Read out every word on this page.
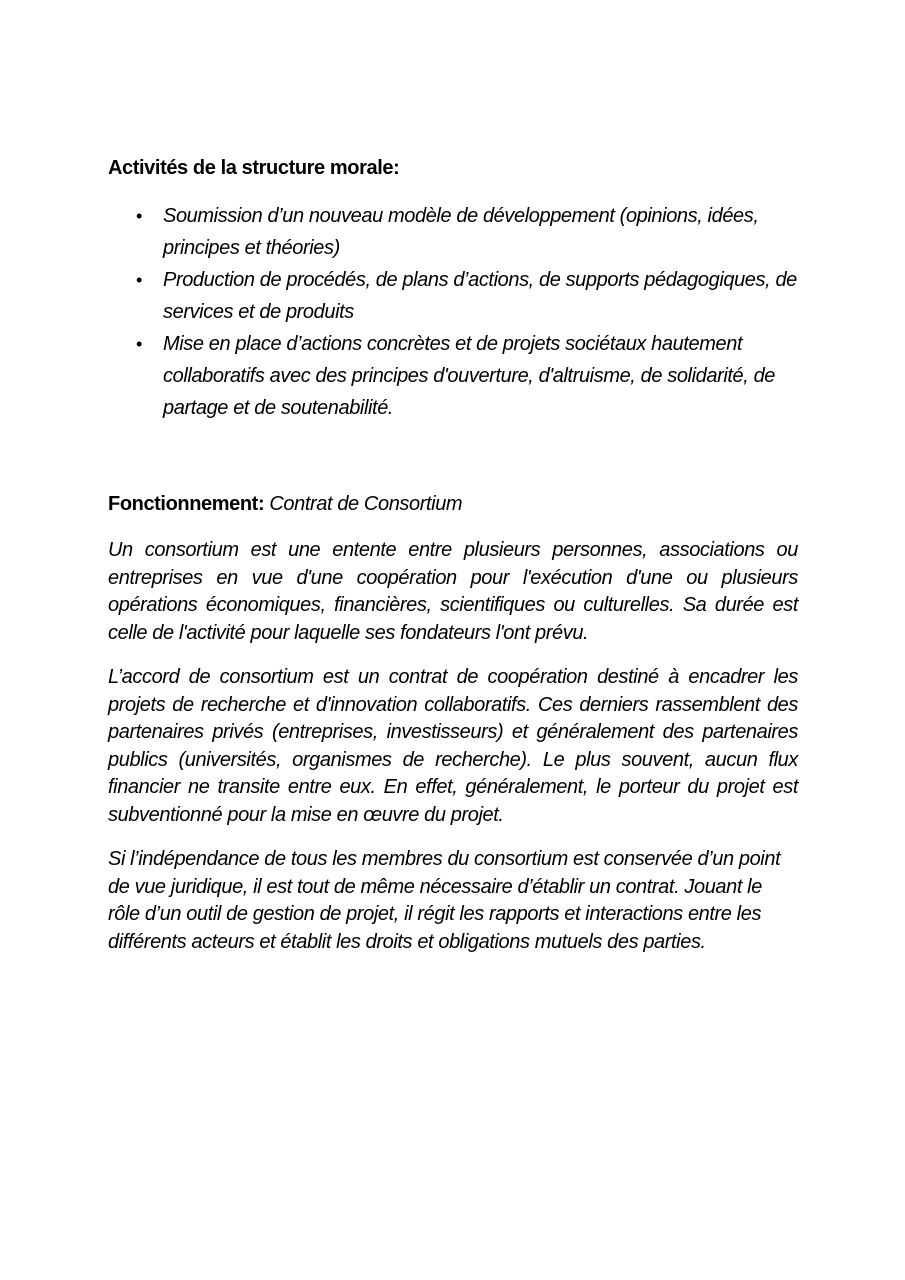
Activités de la structure morale:

• Soumission d’un nouveau modèle de développement (opinions, idées, principes et théories)
• Production de procédés, de plans d’actions, de supports pédagogiques, de services et de produits
• Mise en place d’actions concrètes et de projets sociétaux hautement collaboratifs avec des principes d'ouverture, d'altruisme, de solidarité, de partage et de soutenabilité.
Fonctionnement: Contrat de Consortium

Un consortium est une entente entre plusieurs personnes, associations ou entreprises en vue d'une coopération pour l'exécution d'une ou plusieurs opérations économiques, financières, scientifiques ou culturelles. Sa durée est celle de l'activité pour laquelle ses fondateurs l'ont prévu.

L’accord de consortium est un contrat de coopération destiné à encadrer les projets de recherche et d'innovation collaboratifs. Ces derniers rassemblent des partenaires privés (entreprises, investisseurs) et généralement des partenaires publics (universités, organismes de recherche). Le plus souvent, aucun flux financier ne transite entre eux. En effet, généralement, le porteur du projet est subventionné pour la mise en œuvre du projet.

Si l’indépendance de tous les membres du consortium est conservée d’un point de vue juridique, il est tout de même nécessaire d’établir un contrat. Jouant le rôle d’un outil de gestion de projet, il régit les rapports et interactions entre les différents acteurs et établit les droits et obligations mutuels des parties.
